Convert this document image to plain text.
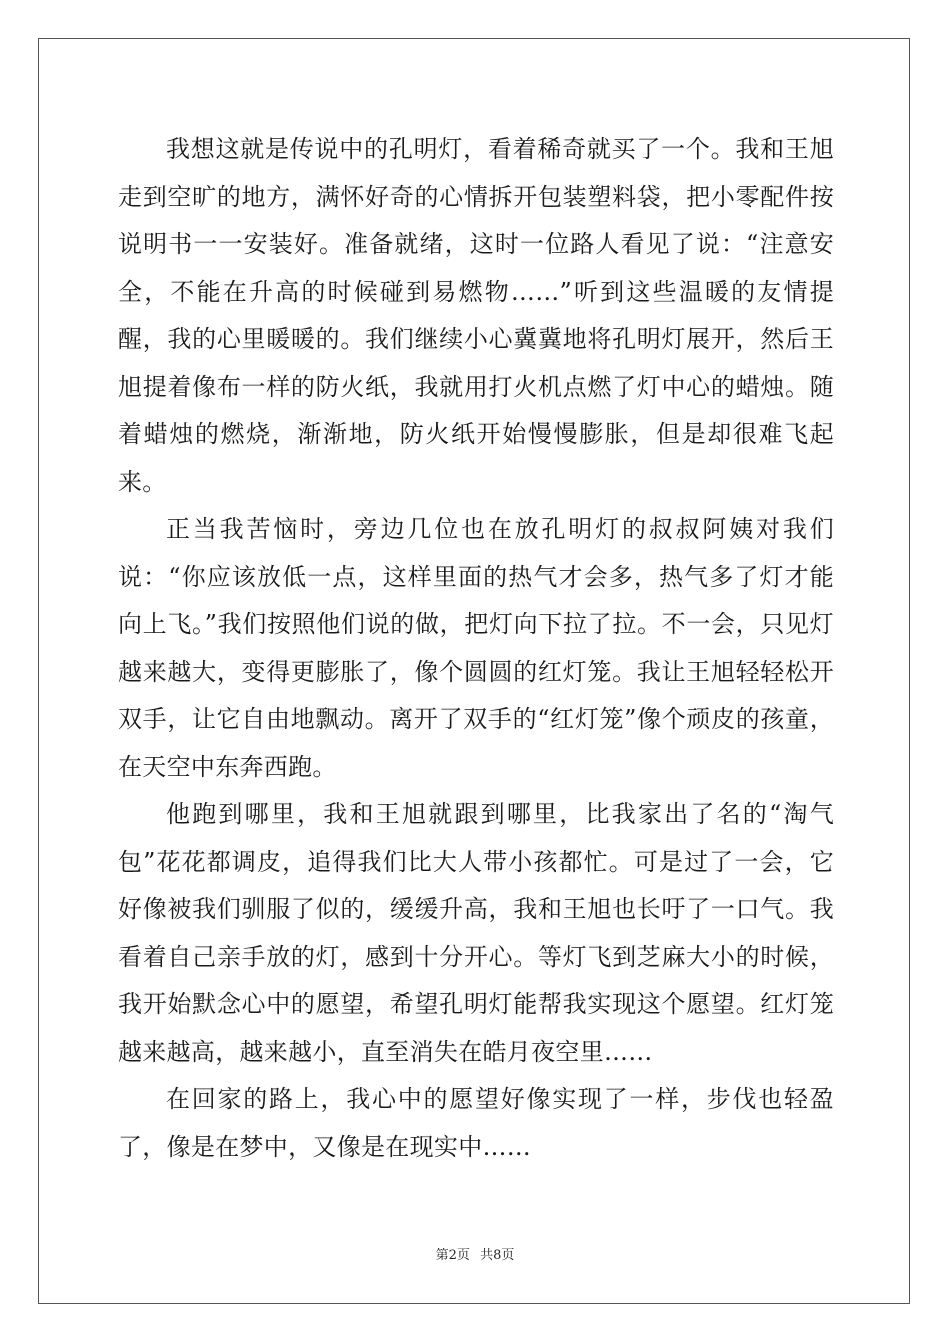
我想这就是传说中的孔明灯，看着稀奇就买了一个。我和王旭走到空旷的地方，满怀好奇的心情拆开包装塑料袋，把小零配件按说明书一一安装好。准备就绪，这时一位路人看见了说：“注意安全，不能在升高的时候碰到易燃物……”听到这些温暖的友情提醒，我的心里暖暖的。我们继续小心冀冀地将孔明灯展开，然后王旭提着像布一样的防火纸，我就用打火机点燃了灯中心的蜡烛。随着蜡烛的燃烧，渐渐地，防火纸开始慢慢膨胀，但是却很难飞起来。

正当我苦恼时，旁边几位也在放孔明灯的叔叔阿姨对我们说：“你应该放低一点，这样里面的热气才会多，热气多了灯才能向上飞。”我们按照他们说的做，把灯向下拉了拉。不一会，只见灯越来越大，变得更膨胀了，像个圆圆的红灯笼。我让王旭轻轻松开双手，让它自由地飘动。离开了双手的“红灯笼”像个顽皮的孩童，在天空中东奔西跑。

他跑到哪里，我和王旭就跟到哪里，比我家出了名的“淘气包”花花都调皮，追得我们比大人带小孩都忙。可是过了一会，它好像被我们驯服了似的，缓缓升高，我和王旭也长吁了一口气。我看着自己亲手放的灯，感到十分开心。等灯飞到芝麻大小的时候，我开始默念心中的愿望，希望孔明灯能帮我实现这个愿望。红灯笼越来越高，越来越小，直至消失在皓月夜空里……

在回家的路上，我心中的愿望好像实现了一样，步伐也轻盈了，像是在梦中，又像是在现实中……

第2页 共8页
